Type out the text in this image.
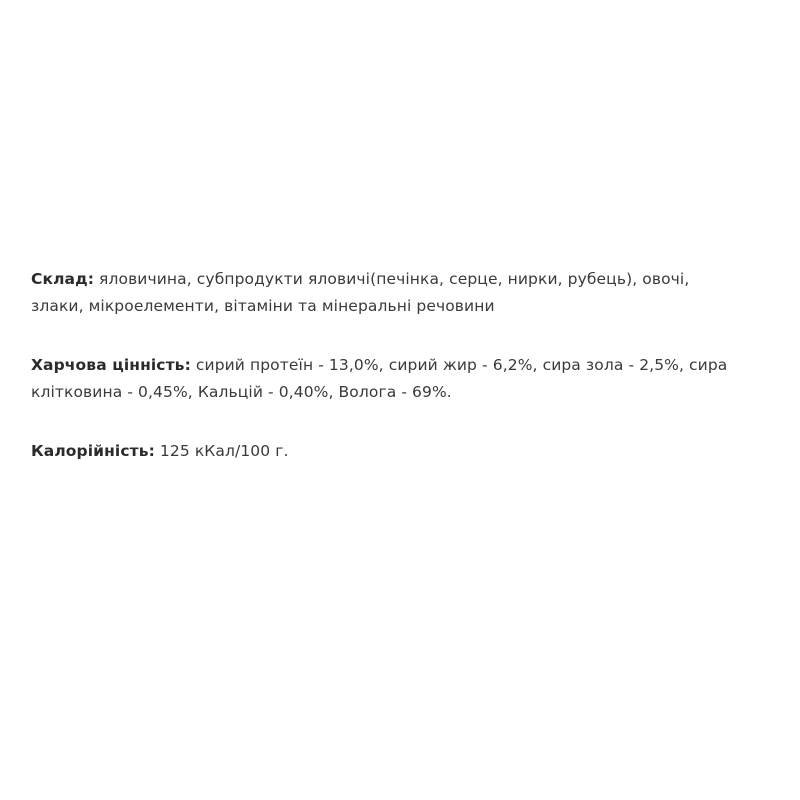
Склад: яловичина, субпродукти яловичі(печінка, серце, нирки, рубець), овочі, злаки, мікроелементи, вітаміни та мінеральні речовини

Харчова цінність: сирий протеїн - 13,0%, сирий жир - 6,2%, сира зола - 2,5%, сира клітковина - 0,45%, Кальцій - 0,40%, Волога - 69%.

Калорійність: 125 кКал/100 г.
